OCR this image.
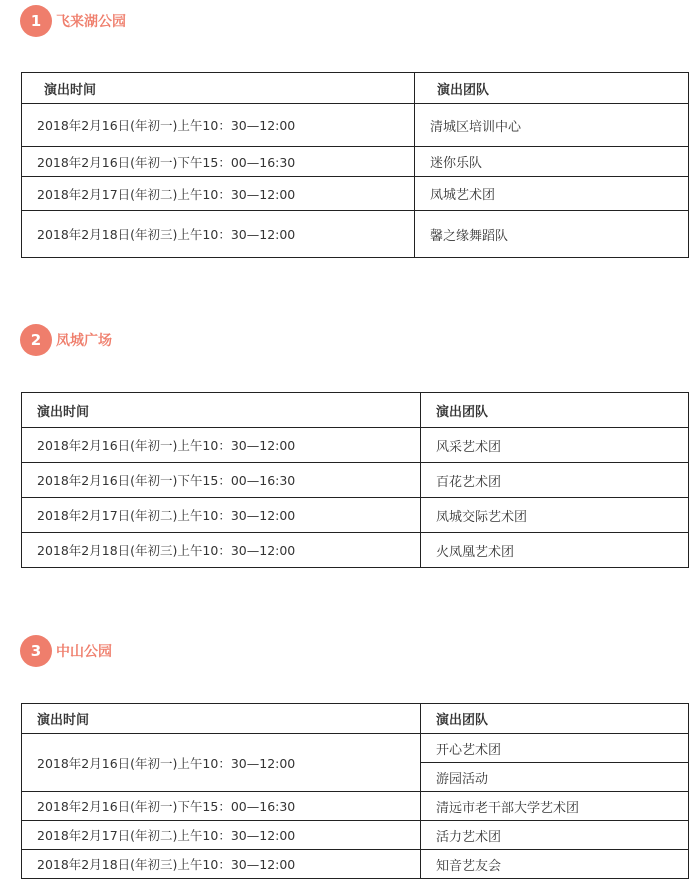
1	飞来湖公园
演出时间	演出团队
2018年2月16日(年初一)上午10：30—12:00	清城区培训中心
2018年2月16日(年初一)下午15：00—16:30	迷你乐队
2018年2月17日(年初二)上午10：30—12:00	凤城艺术团
2018年2月18日(年初三)上午10：30—12:00	馨之缘舞蹈队
2	凤城广场
演出时间	演出团队
2018年2月16日(年初一)上午10：30—12:00	风采艺术团
2018年2月16日(年初一)下午15：00—16:30	百花艺术团
2018年2月17日(年初二)上午10：30—12:00	凤城交际艺术团
2018年2月18日(年初三)上午10：30—12:00	火凤凰艺术团
3	中山公园
演出时间	演出团队
2018年2月16日(年初一)上午10：30—12:00	开心艺术团
	游园活动
2018年2月16日(年初一)下午15：00—16:30	清远市老干部大学艺术团
2018年2月17日(年初二)上午10：30—12:00	活力艺术团
2018年2月18日(年初三)上午10：30—12:00	知音艺友会
